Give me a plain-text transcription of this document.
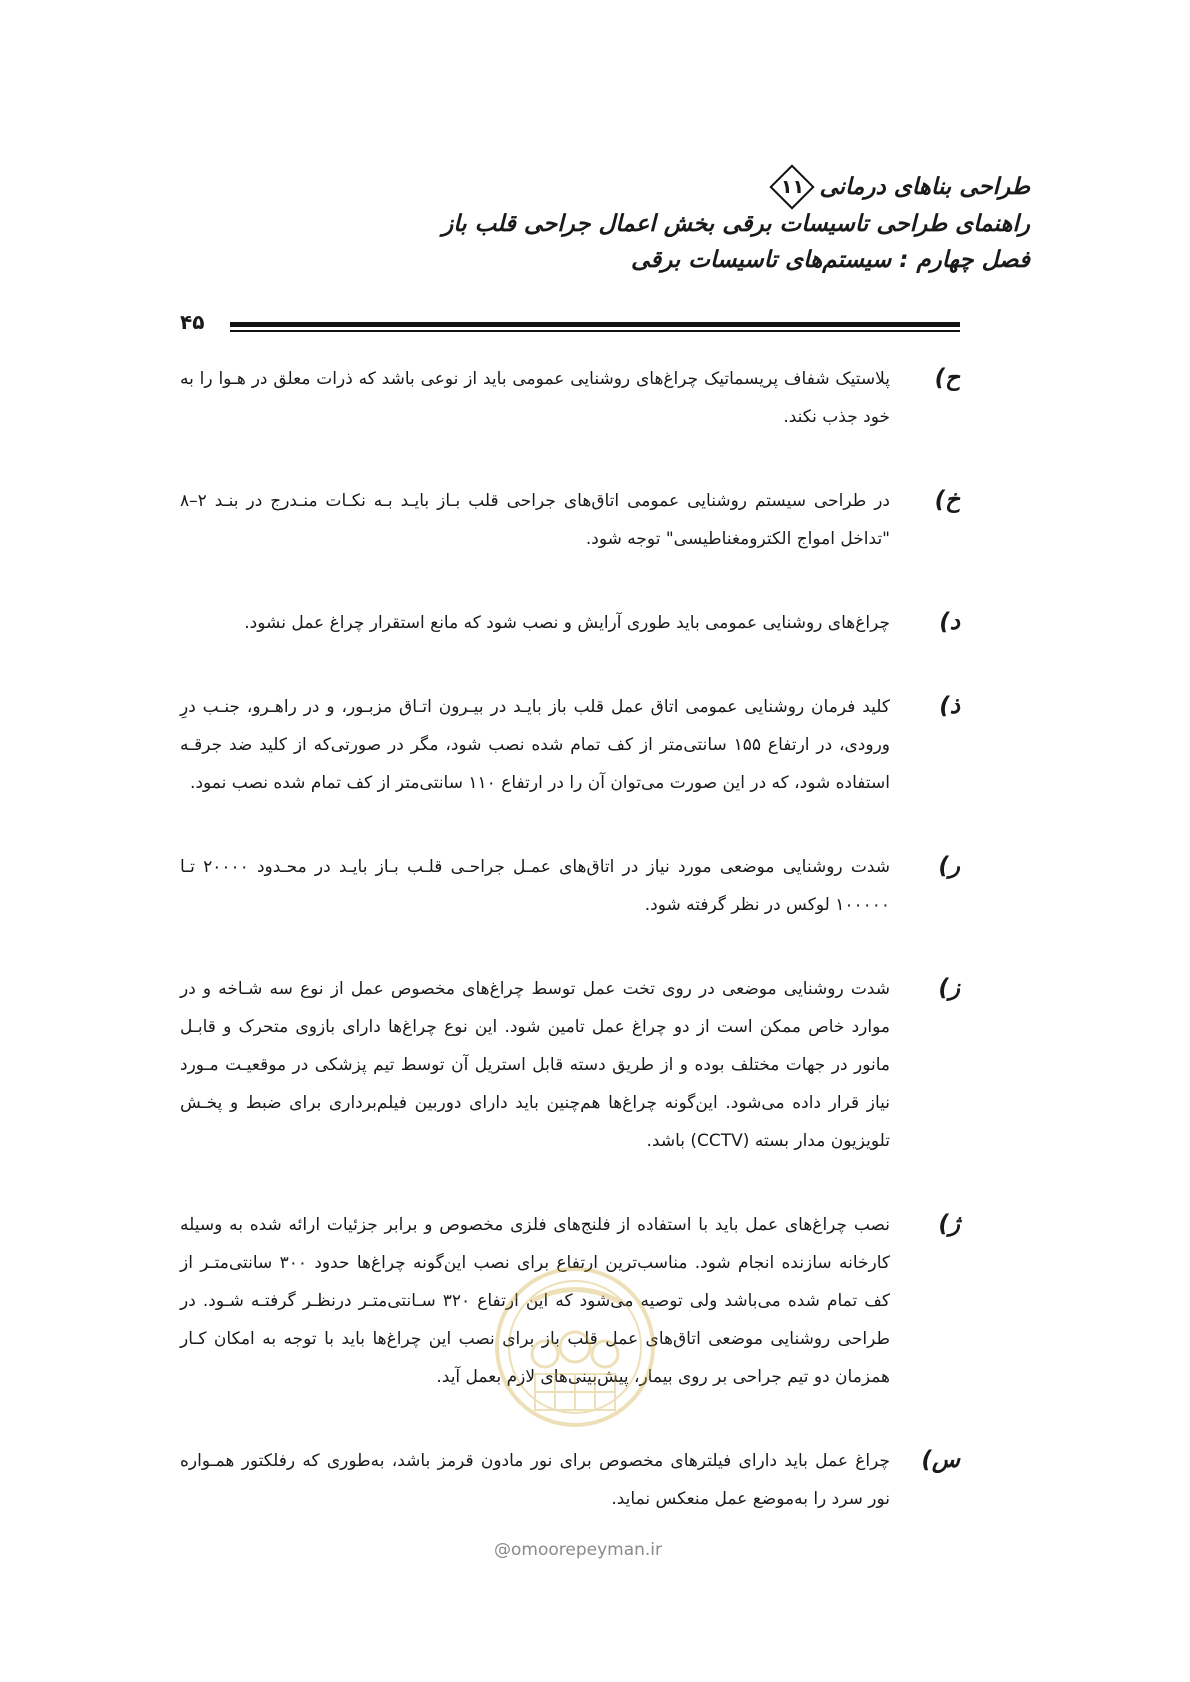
طراحی بناهای درمانی
۱۱
راهنمای طراحی تاسیسات برقی بخش اعمال جراحی قلب باز
فصل چهارم : سیستم‌های تاسیسات برقی
۴۵
ح)
پلاستیک شفاف پریسماتیک چراغ‌های روشنایی عمومی باید از نوعی باشد که ذرات معلق در هـوا را به خود جذب نکند.
خ)
در طراحی سیستم روشنایی عمومی اتاق‌های جراحی قلب بـاز بایـد بـه نکـات منـدرج در بنـد ۲–۸ "تداخل امواج الکترومغناطیسی" توجه شود.
د)
چراغ‌های روشنایی عمومی باید طوری آرایش و نصب شود که مانع استقرار چراغ عمل نشود.
ذ)
کلید فرمان روشنایی عمومی اتاق عمل قلب باز بایـد در بیـرون اتـاق مزبـور، و در راهـرو، جنـب درِ ورودی، در ارتفاع ۱۵۵ سانتی‌متر از کف تمام شده نصب شود، مگر در صورتی‌که از کلید ضد جرقـه استفاده شود، که در این صورت می‌توان آن را در ارتفاع ۱۱۰ سانتی‌متر از کف تمام شده نصب نمود.
ر)
شدت روشنایی موضعی مورد نیاز در اتاق‌های عمـل جراحـی قلـب بـاز بایـد در محـدود ۲۰۰۰۰ تـا ۱۰۰۰۰۰ لوکس در نظر گرفته شود.
ز)
شدت روشنایی موضعی در روی تخت عمل توسط چراغ‌های مخصوص عمل از نوع سه شـاخه و در موارد خاص ممکن است از دو چراغ عمل تامین شود. این نوع چراغ‌ها دارای بازوی متحرک و قابـل مانور در جهات مختلف بوده و از طریق دسته قابل استریل آن توسط تیم پزشکی در موقعیـت مـورد نیاز قرار داده می‌شود. این‌گونه چراغ‌ها هم‌چنین باید دارای دوربین فیلم‌برداری برای ضبط و پخـش تلویزیون مدار بسته (CCTV) باشد.
ژ)
نصب چراغ‌های عمل باید با استفاده از فلنج‌های فلزی مخصوص و برابر جزئیات ارائه شده به وسیله کارخانه سازنده انجام شود. مناسب‌ترین ارتفاع برای نصب این‌گونه چراغ‌ها حدود ۳۰۰ سانتی‌متـر از کف تمام شده می‌باشد ولی توصیه می‌شود که این ارتفاع ۳۲۰ سـانتی‌متـر درنظـر گرفتـه شـود. در طراحی روشنایی موضعی اتاق‌های عمل قلب باز برای نصب این چراغ‌ها باید با توجه به امکان کـار همزمان دو تیم جراحی بر روی بیمار، پیش‌بینی‌های لازم بعمل آید.
س)
چراغ عمل باید دارای فیلترهای مخصوص برای نور مادون قرمز باشد، به‌طوری که رفلکتور همـواره نور سرد را به‌موضع عمل منعکس نماید.
@omoorepeyman.ir
